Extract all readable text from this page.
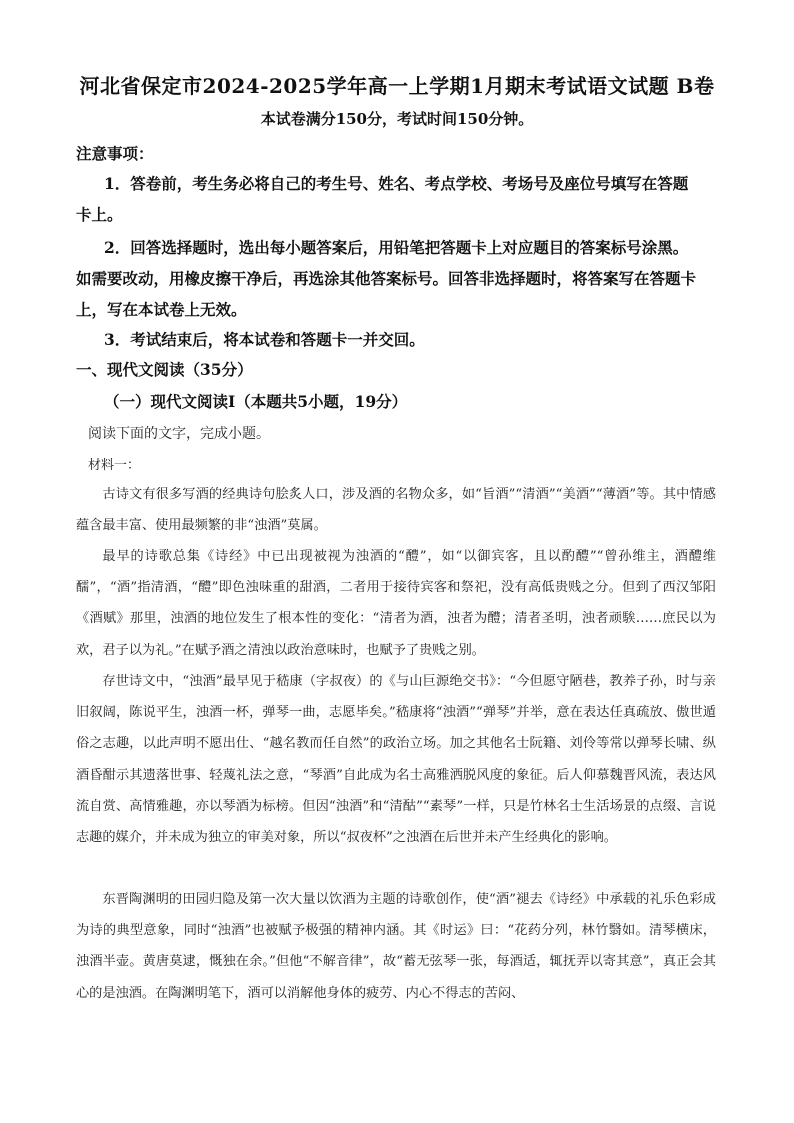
河北省保定市2024-2025学年高一上学期1月期末考试语文试题 B卷
本试卷满分150分，考试时间150分钟。
注意事项：
1．答卷前，考生务必将自己的考生号、姓名、考点学校、考场号及座位号填写在答题
卡上。
2．回答选择题时，选出每小题答案后，用铅笔把答题卡上对应题目的答案标号涂黑。
如需要改动，用橡皮擦干净后，再选涂其他答案标号。回答非选择题时，将答案写在答题卡
上，写在本试卷上无效。
3．考试结束后，将本试卷和答题卡一并交回。
一、现代文阅读（35分）
（一）现代文阅读Ⅰ（本题共5小题，19分）
阅读下面的文字，完成小题。
材料一：
古诗文有很多写酒的经典诗句脍炙人口，涉及酒的名物众多，如“旨酒”“清酒”“美酒”“薄酒”等。其中情感蕴含最丰富、使用最频繁的非“浊酒”莫属。
最早的诗歌总集《诗经》中已出现被视为浊酒的“醴”，如“以御宾客，且以酌醴”“曾孙维主，酒醴维醹”，“酒”指清酒，“醴”即色浊味重的甜酒，二者用于接待宾客和祭祀，没有高低贵贱之分。但到了西汉邹阳《酒赋》那里，浊酒的地位发生了根本性的变化：“清者为酒，浊者为醴；清者圣明，浊者顽騃……庶民以为欢，君子以为礼。”在赋予酒之清浊以政治意味时，也赋予了贵贱之别。
存世诗文中，“浊酒”最早见于嵇康（字叔夜）的《与山巨源绝交书》：“今但愿守陋巷，教养子孙，时与亲旧叙阔，陈说平生，浊酒一杯，弹琴一曲，志愿毕矣。”嵇康将“浊酒”“弹琴”并举，意在表达任真疏放、傲世遁俗之志趣，以此声明不愿出仕、“越名教而任自然”的政治立场。加之其他名士阮籍、刘伶等常以弹琴长啸、纵酒昏酣示其遗落世事、轻蔑礼法之意，“琴酒”自此成为名士高雅洒脱风度的象征。后人仰慕魏晋风流，表达风流自赏、高情雅趣，亦以琴酒为标榜。但因“浊酒”和“清酤”“素琴”一样，只是竹林名士生活场景的点缀、言说志趣的媒介，并未成为独立的审美对象，所以“叔夜杯”之浊酒在后世并未产生经典化的影响。
东晋陶渊明的田园归隐及第一次大量以饮酒为主题的诗歌创作，使“酒”褪去《诗经》中承载的礼乐色彩成为诗的典型意象，同时“浊酒”也被赋予极强的精神内涵。其《时运》曰：“花药分列，林竹翳如。清琴横床，浊酒半壶。黄唐莫逮，慨独在余。”但他“不解音律”，故“蓄无弦琴一张，每酒适，辄抚弄以寄其意”，真正会其心的是浊酒。在陶渊明笔下，酒可以消解他身体的疲劳、内心不得志的苦闷、
